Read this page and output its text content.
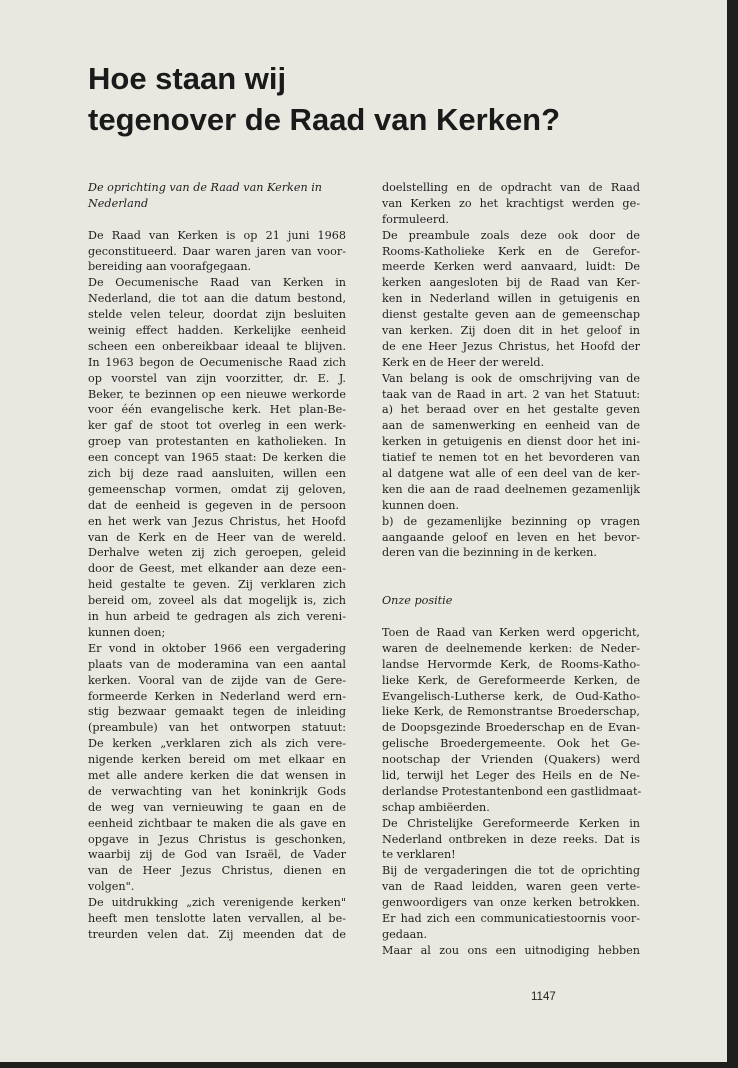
Hoe staan wij
tegenover de Raad van Kerken?
De oprichting van de Raad van Kerken in
Nederland
De Raad van Kerken is op 21 juni 1968
geconstitueerd. Daar waren jaren van voor-
bereiding aan voorafgegaan.
De Oecumenische Raad van Kerken in
Nederland, die tot aan die datum bestond,
stelde velen teleur, doordat zijn besluiten
weinig effect hadden. Kerkelijke eenheid
scheen een onbereikbaar ideaal te blijven.
In 1963 begon de Oecumenische Raad zich
op voorstel van zijn voorzitter, dr. E. J.
Beker, te bezinnen op een nieuwe werkorde
voor één evangelische kerk. Het plan-Be-
ker gaf de stoot tot overleg in een werk-
groep van protestanten en katholieken. In
een concept van 1965 staat: De kerken die
zich bij deze raad aansluiten, willen een
gemeenschap vormen, omdat zij geloven,
dat de eenheid is gegeven in de persoon
en het werk van Jezus Christus, het Hoofd
van de Kerk en de Heer van de wereld.
Derhalve weten zij zich geroepen, geleid
door de Geest, met elkander aan deze een-
heid gestalte te geven. Zij verklaren zich
bereid om, zoveel als dat mogelijk is, zich
in hun arbeid te gedragen als zich vereni-
kunnen doen;
Er vond in oktober 1966 een vergadering
plaats van de moderamina van een aantal
kerken. Vooral van de zijde van de Gere-
formeerde Kerken in Nederland werd ern-
stig bezwaar gemaakt tegen de inleiding
(preambule) van het ontworpen statuut:
De kerken „verklaren zich als zich vere-
nigende kerken bereid om met elkaar en
met alle andere kerken die dat wensen in
de verwachting van het koninkrijk Gods
de weg van vernieuwing te gaan en de
eenheid zichtbaar te maken die als gave en
opgave in Jezus Christus is geschonken,
waarbij zij de God van Israël, de Vader
van de Heer Jezus Christus, dienen en
volgen".
De uitdrukking „zich verenigende kerken"
heeft men tenslotte laten vervallen, al be-
treurden velen dat. Zij meenden dat de
doelstelling en de opdracht van de Raad
van Kerken zo het krachtigst werden ge-
formuleerd.
De preambule zoals deze ook door de
Rooms-Katholieke Kerk en de Gerefor-
meerde Kerken werd aanvaard, luidt: De
kerken aangesloten bij de Raad van Ker-
ken in Nederland willen in getuigenis en
dienst gestalte geven aan de gemeenschap
van kerken. Zij doen dit in het geloof in
de ene Heer Jezus Christus, het Hoofd der
Kerk en de Heer der wereld.
Van belang is ook de omschrijving van de
taak van de Raad in art. 2 van het Statuut:
a) het beraad over en het gestalte geven
aan de samenwerking en eenheid van de
kerken in getuigenis en dienst door het ini-
tiatief te nemen tot en het bevorderen van
al datgene wat alle of een deel van de ker-
ken die aan de raad deelnemen gezamenlijk
kunnen doen.
b) de gezamenlijke bezinning op vragen
aangaande geloof en leven en het bevor-
deren van die bezinning in de kerken.
Onze positie
Toen de Raad van Kerken werd opgericht,
waren de deelnemende kerken: de Neder-
landse Hervormde Kerk, de Rooms-Katho-
lieke Kerk, de Gereformeerde Kerken, de
Evangelisch-Lutherse kerk, de Oud-Katho-
lieke Kerk, de Remonstrantse Broederschap,
de Doopsgezinde Broederschap en de Evan-
gelische Broedergemeente. Ook het Ge-
nootschap der Vrienden (Quakers) werd
lid, terwijl het Leger des Heils en de Ne-
derlandse Protestantenbond een gastlidmaat-
schap ambiëerden.
De Christelijke Gereformeerde Kerken in
Nederland ontbreken in deze reeks. Dat is
te verklaren!
Bij de vergaderingen die tot de oprichting
van de Raad leidden, waren geen verte-
genwoordigers van onze kerken betrokken.
Er had zich een communicatiestoornis voor-
gedaan.
Maar al zou ons een uitnodiging hebben
1147
